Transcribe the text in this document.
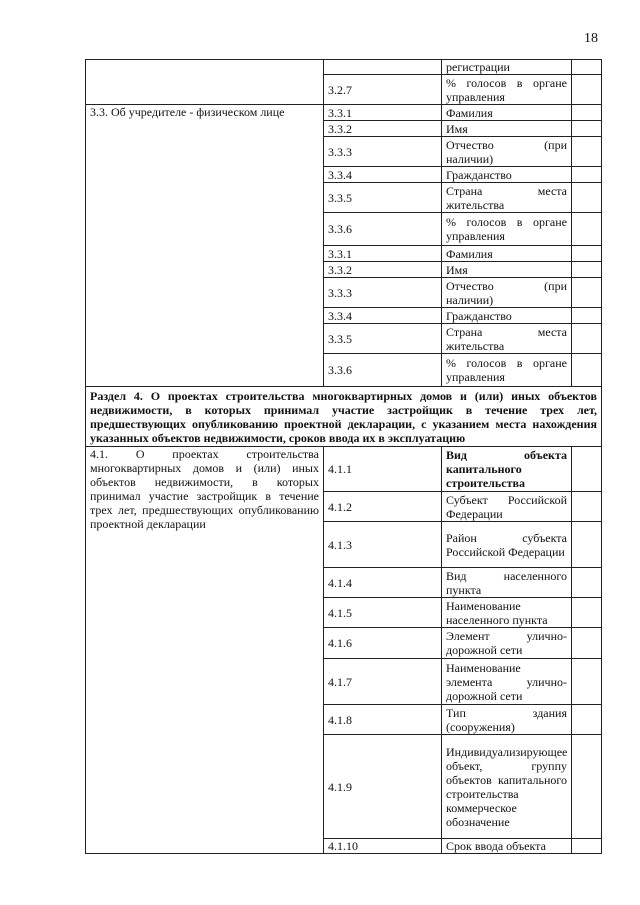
18
		регистрации	
	3.2.7	% голосов в органе управления	
3.3. Об учредителе - физическом лице	3.3.1	Фамилия	
	3.3.2	Имя	
	3.3.3	Отчество (при наличии)	
	3.3.4	Гражданство	
	3.3.5	Страна места жительства	
	3.3.6	% голосов в органе управления	
	3.3.1	Фамилия	
	3.3.2	Имя	
	3.3.3	Отчество (при наличии)	
	3.3.4	Гражданство	
	3.3.5	Страна места жительства	
	3.3.6	% голосов в органе управления	
Раздел 4. О проектах строительства многоквартирных домов и (или) иных объектов недвижимости, в которых принимал участие застройщик в течение трех лет, предшествующих опубликованию проектной декларации, с указанием места нахождения указанных объектов недвижимости, сроков ввода их в эксплуатацию			
4.1. О проектах строительства многоквартирных домов и (или) иных объектов недвижимости, в которых принимал участие застройщик в течение трех лет, предшествующих опубликованию проектной декларации	4.1.1	Вид объекта капитального строительства	
	4.1.2	Субъект Российской Федерации	
	4.1.3	Район субъекта Российской Федерации	
	4.1.4	Вид населенного пункта	
	4.1.5	Наименование населенного пункта	
	4.1.6	Элемент улично-дорожной сети	
	4.1.7	Наименование элемента улично-дорожной сети	
	4.1.8	Тип здания (сооружения)	
	4.1.9	Индивидуализирующее объект, группу объектов капитального строительства коммерческое обозначение	
	4.1.10	Срок ввода объекта	
